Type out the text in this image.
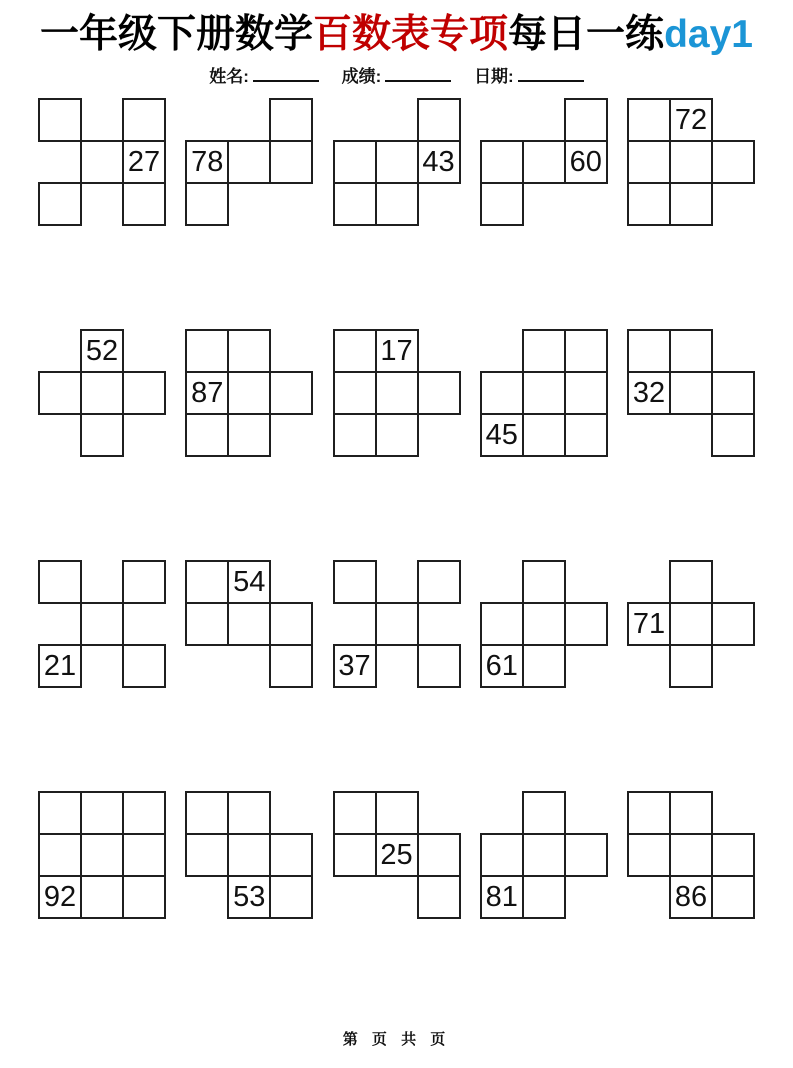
一年级下册数学百数表专项每日一练day1
姓名:	成绩:	日期:
27 78	43	60
72
52
87
17
45
32
21
54
37	61
71
92	53
25
81	86
第 页 共 页
